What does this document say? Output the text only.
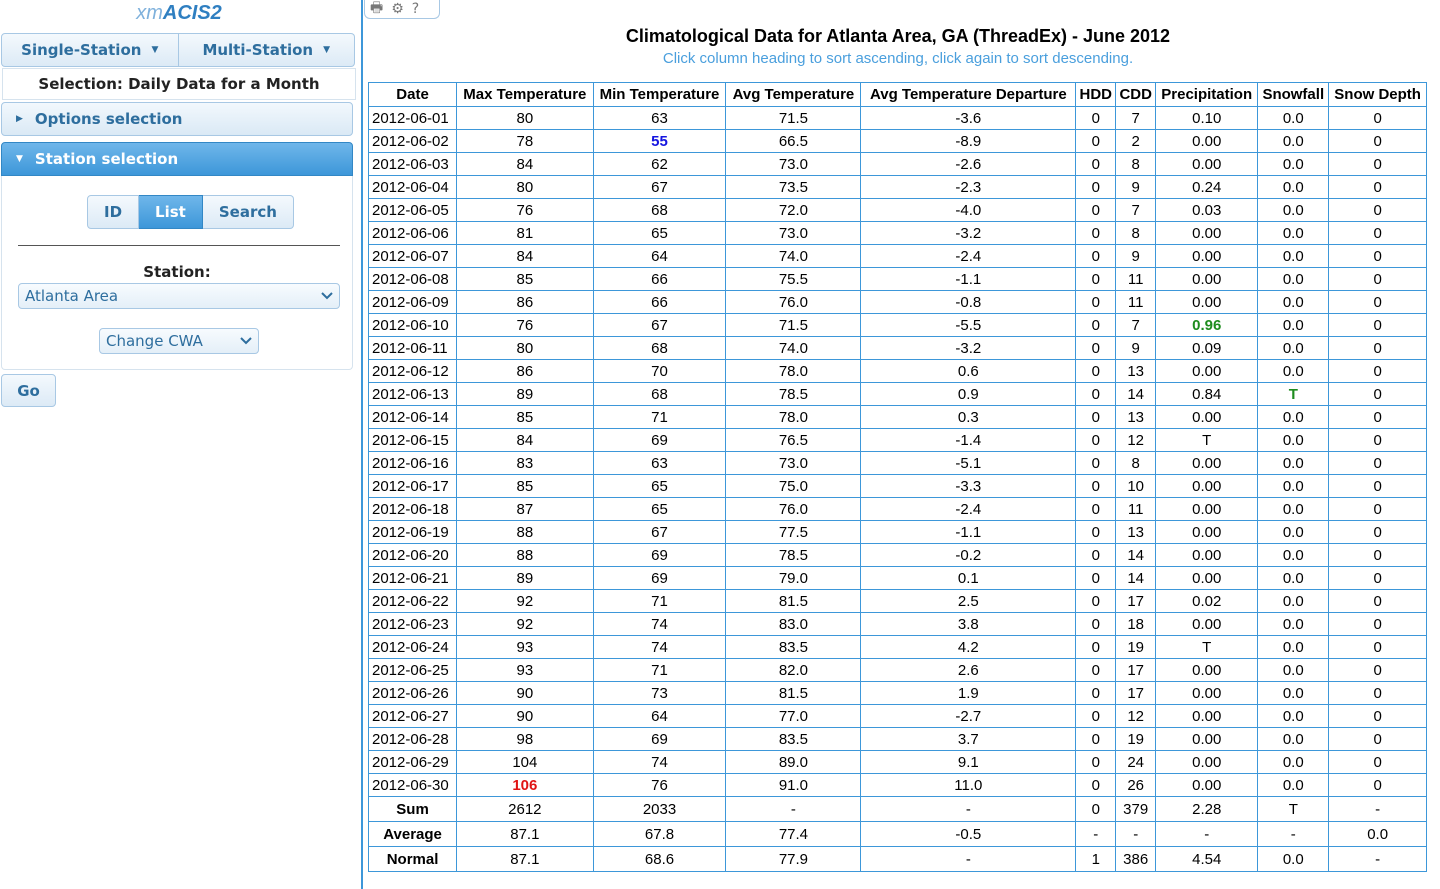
xmACIS2
Single-Station ▼	Multi-Station ▼
Selection: Daily Data for a Month
▶ Options selection
▼ Station selection
ID	List	Search
Station:
Atlanta Area
Change CWA
Go
🖶 ⚙ ?
Climatological Data for Atlanta Area, GA (ThreadEx) - June 2012
Click column heading to sort ascending, click again to sort descending.
Date	Max Temperature	Min Temperature	Avg Temperature	Avg Temperature Departure	HDD	CDD	Precipitation	Snowfall	Snow Depth
2012-06-01	80	63	71.5	-3.6	0	7	0.10	0.0	0
2012-06-02	78	55	66.5	-8.9	0	2	0.00	0.0	0
2012-06-03	84	62	73.0	-2.6	0	8	0.00	0.0	0
2012-06-04	80	67	73.5	-2.3	0	9	0.24	0.0	0
2012-06-05	76	68	72.0	-4.0	0	7	0.03	0.0	0
2012-06-06	81	65	73.0	-3.2	0	8	0.00	0.0	0
2012-06-07	84	64	74.0	-2.4	0	9	0.00	0.0	0
2012-06-08	85	66	75.5	-1.1	0	11	0.00	0.0	0
2012-06-09	86	66	76.0	-0.8	0	11	0.00	0.0	0
2012-06-10	76	67	71.5	-5.5	0	7	0.96	0.0	0
2012-06-11	80	68	74.0	-3.2	0	9	0.09	0.0	0
2012-06-12	86	70	78.0	0.6	0	13	0.00	0.0	0
2012-06-13	89	68	78.5	0.9	0	14	0.84	T	0
2012-06-14	85	71	78.0	0.3	0	13	0.00	0.0	0
2012-06-15	84	69	76.5	-1.4	0	12	T	0.0	0
2012-06-16	83	63	73.0	-5.1	0	8	0.00	0.0	0
2012-06-17	85	65	75.0	-3.3	0	10	0.00	0.0	0
2012-06-18	87	65	76.0	-2.4	0	11	0.00	0.0	0
2012-06-19	88	67	77.5	-1.1	0	13	0.00	0.0	0
2012-06-20	88	69	78.5	-0.2	0	14	0.00	0.0	0
2012-06-21	89	69	79.0	0.1	0	14	0.00	0.0	0
2012-06-22	92	71	81.5	2.5	0	17	0.02	0.0	0
2012-06-23	92	74	83.0	3.8	0	18	0.00	0.0	0
2012-06-24	93	74	83.5	4.2	0	19	T	0.0	0
2012-06-25	93	71	82.0	2.6	0	17	0.00	0.0	0
2012-06-26	90	73	81.5	1.9	0	17	0.00	0.0	0
2012-06-27	90	64	77.0	-2.7	0	12	0.00	0.0	0
2012-06-28	98	69	83.5	3.7	0	19	0.00	0.0	0
2012-06-29	104	74	89.0	9.1	0	24	0.00	0.0	0
2012-06-30	106	76	91.0	11.0	0	26	0.00	0.0	0
Sum	2612	2033	-	-	0	379	2.28	T	-
Average	87.1	67.8	77.4	-0.5	-	-	-	-	0.0
Normal	87.1	68.6	77.9	-	1	386	4.54	0.0	-
